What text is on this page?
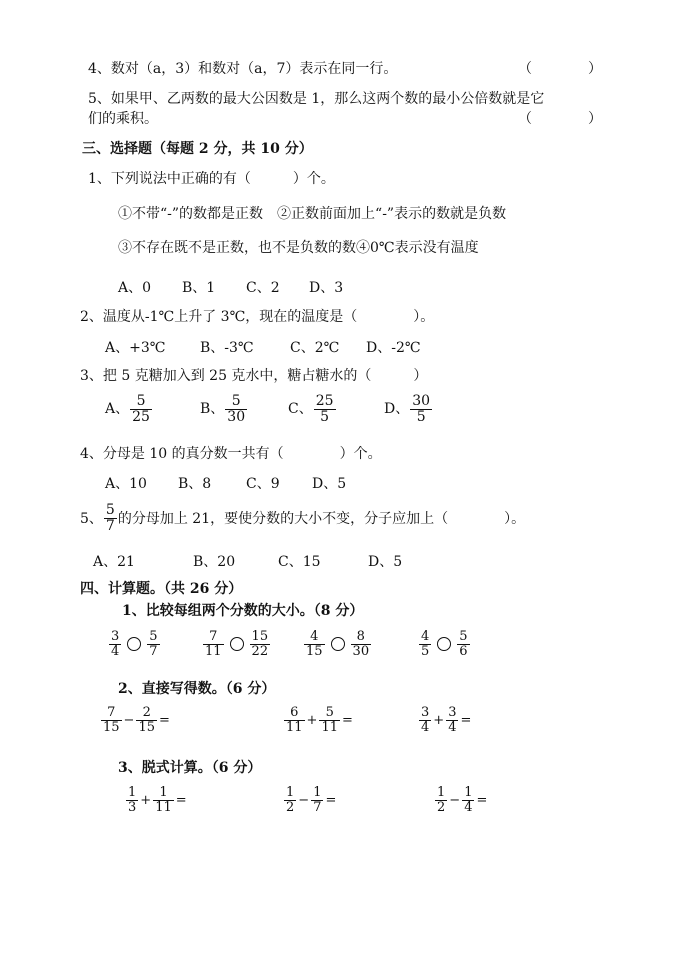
4、数对（a，3）和数对（a，7）表示在同一行。	（　　　　）
5、如果甲、乙两数的最大公因数是 1，那么这两个数的最小公倍数就是它
们的乘积。	（　　　　）
三、选择题（每题 2 分，共 10 分）
1、下列说法中正确的有（　　　）个。
①不带“-”的数都是正数　②正数前面加上“-”表示的数就是负数
③不存在既不是正数，也不是负数的数④0℃表示没有温度
A、0 B、1 C、2 D、3
2、温度从-1℃上升了 3℃，现在的温度是（　　　　）。
A、+3℃ B、-3℃	C、2℃ D、-2℃
3、把 5 克糖加入到 25 克水中，糖占糖水的（　　　）
A、 $\frac{5}{25}$	B、 $\frac{5}{30}$	C、 $\frac{25}{5}$	D、 $\frac{30}{5}$
4、分母是 10 的真分数一共有（　　　　）个。
A、10 B、8 C、9 D、5
5、 $\frac{5}{7}$ 的分母加上 21，要使分数的大小不变，分子应加上（　　　　）。
A、21	B、20	C、15	D、5
四、计算题。（共 26 分）
1、比较每组两个分数的大小。（8 分）
$\frac{3}{4} \frac{5}{7}$	$\frac{7}{11} \frac{15}{22}$	$\frac{4}{15} \frac{8}{30}$	$\frac{4}{5} \frac{5}{6}$
2、直接写得数。（6 分）
$\frac{7}{15} - \frac{2}{15}$ =	$\frac{6}{11} + \frac{5}{11}$ =	$\frac{3}{4} + \frac{3}{4}$ =
3、脱式计算。（6 分）
$\frac{1}{3} + \frac{1}{11}$ =	$\frac{1}{2} - \frac{1}{7}$ =	$\frac{1}{2} - \frac{1}{4}$ =
